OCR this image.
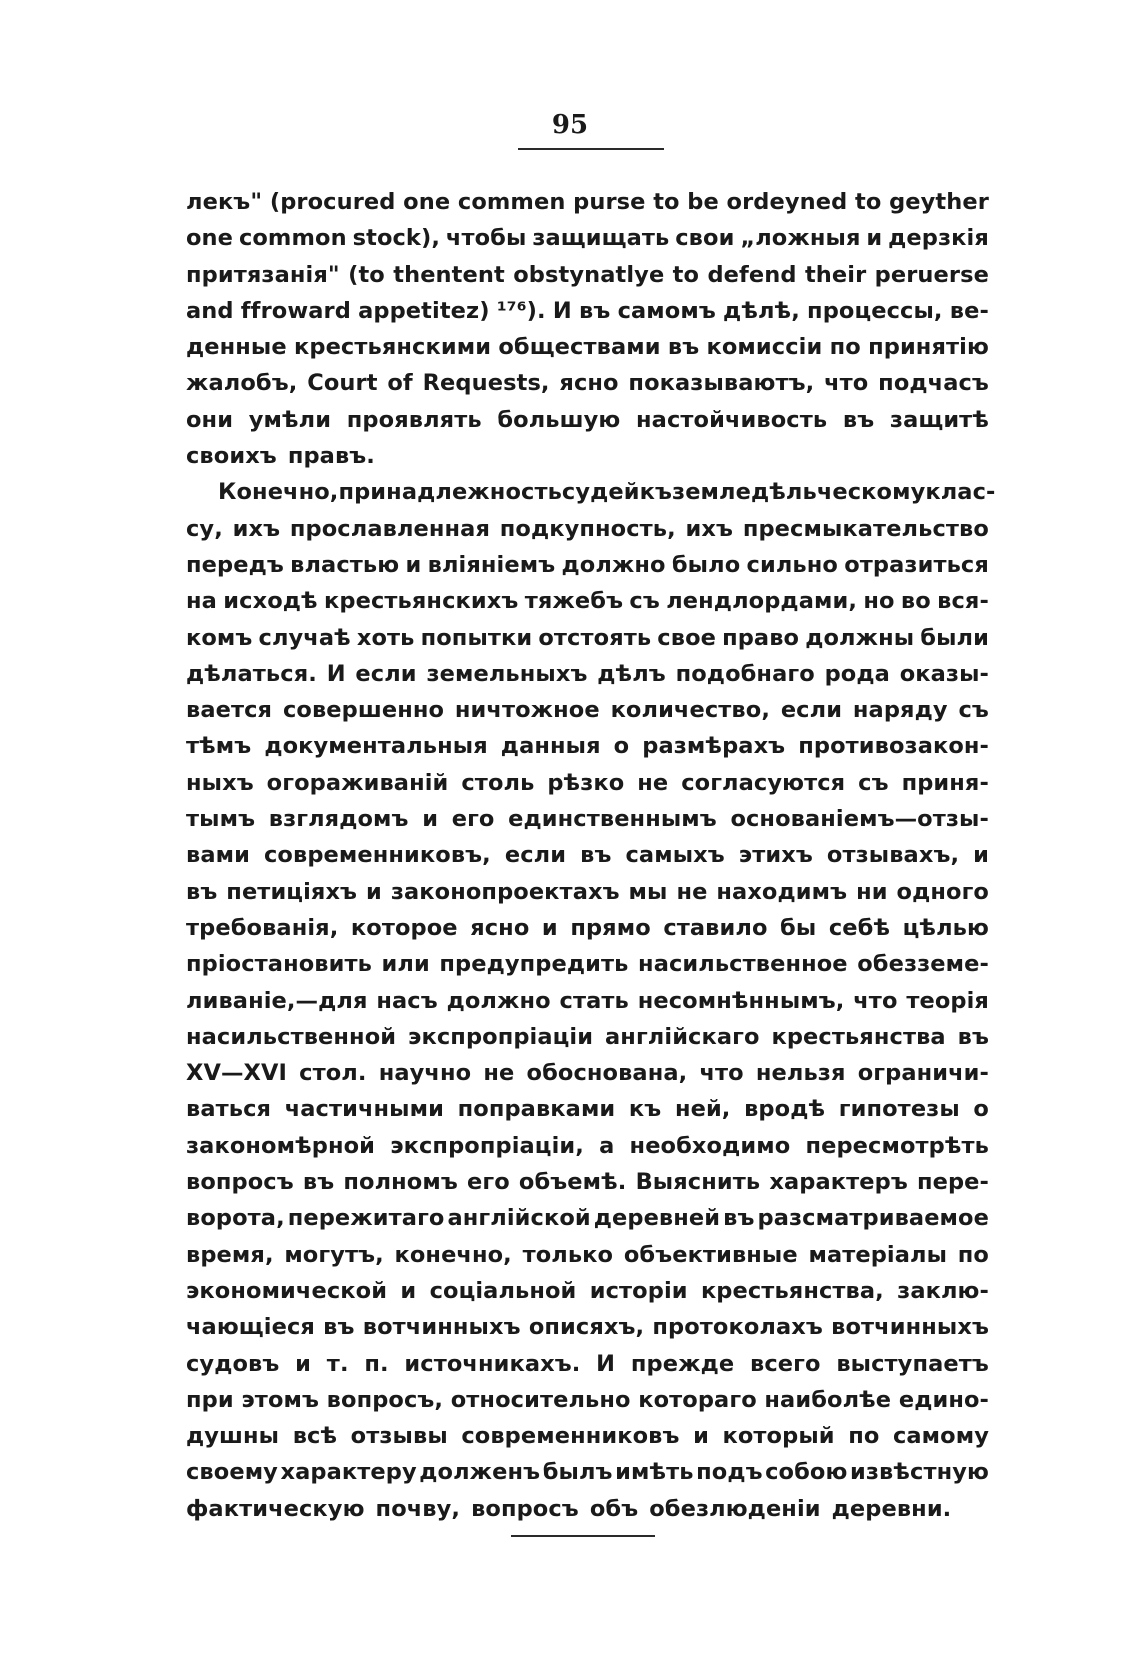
95
лекъ" (procured one commen purse to be ordeyned to geyther
one common stock), чтобы защищать свои „ложныя и дерзкія
притязанія" (to thentent obstynatlye to defend their peruerse
and ffroward appetitez) ¹⁷⁶). И въ самомъ дѣлѣ, процессы, ве-
денные крестьянскими обществами въ комиссіи по принятію
жалобъ, Court of Requests, ясно показываютъ, что подчасъ
они умѣли проявлять большую настойчивость въ защитѣ
своихъ правъ.
Конечно, принадлежность судей къ земледѣльческому клас-
су, ихъ прославленная подкупность, ихъ пресмыкательство
передъ властью и вліяніемъ должно было сильно отразиться
на исходѣ крестьянскихъ тяжебъ съ лендлордами, но во вся-
комъ случаѣ хоть попытки отстоять свое право должны были
дѣлаться. И если земельныхъ дѣлъ подобнаго рода оказы-
вается совершенно ничтожное количество, если наряду съ
тѣмъ документальныя данныя о размѣрахъ противозакон-
ныхъ огораживаній столь рѣзко не согласуются съ приня-
тымъ взглядомъ и его единственнымъ основаніемъ—отзы-
вами современниковъ, если въ самыхъ этихъ отзывахъ, и
въ петиціяхъ и законопроектахъ мы не находимъ ни одного
требованія, которое ясно и прямо ставило бы себѣ цѣлью
пріостановить или предупредить насильственное обезземе-
ливаніе,—для насъ должно стать несомнѣннымъ, что теорія
насильственной экспропріаціи англійскаго крестьянства въ
XV—XVI стол. научно не обоснована, что нельзя ограничи-
ваться частичными поправками къ ней, вродѣ гипотезы о
закономѣрной экспропріаціи, а необходимо пересмотрѣть
вопросъ въ полномъ его объемѣ. Выяснить характеръ пере-
ворота, пережитаго англійской деревней въ разсматриваемое
время, могутъ, конечно, только объективные матеріалы по
экономической и соціальной исторіи крестьянства, заклю-
чающіеся въ вотчинныхъ описяхъ, протоколахъ вотчинныхъ
судовъ и т. п. источникахъ. И прежде всего выступаетъ
при этомъ вопросъ, относительно котораго наиболѣе едино-
душны всѣ отзывы современниковъ и который по самому
своему характеру долженъ былъ имѣть подъ собою извѣстную
фактическую почву, вопросъ объ обезлюденіи деревни.
